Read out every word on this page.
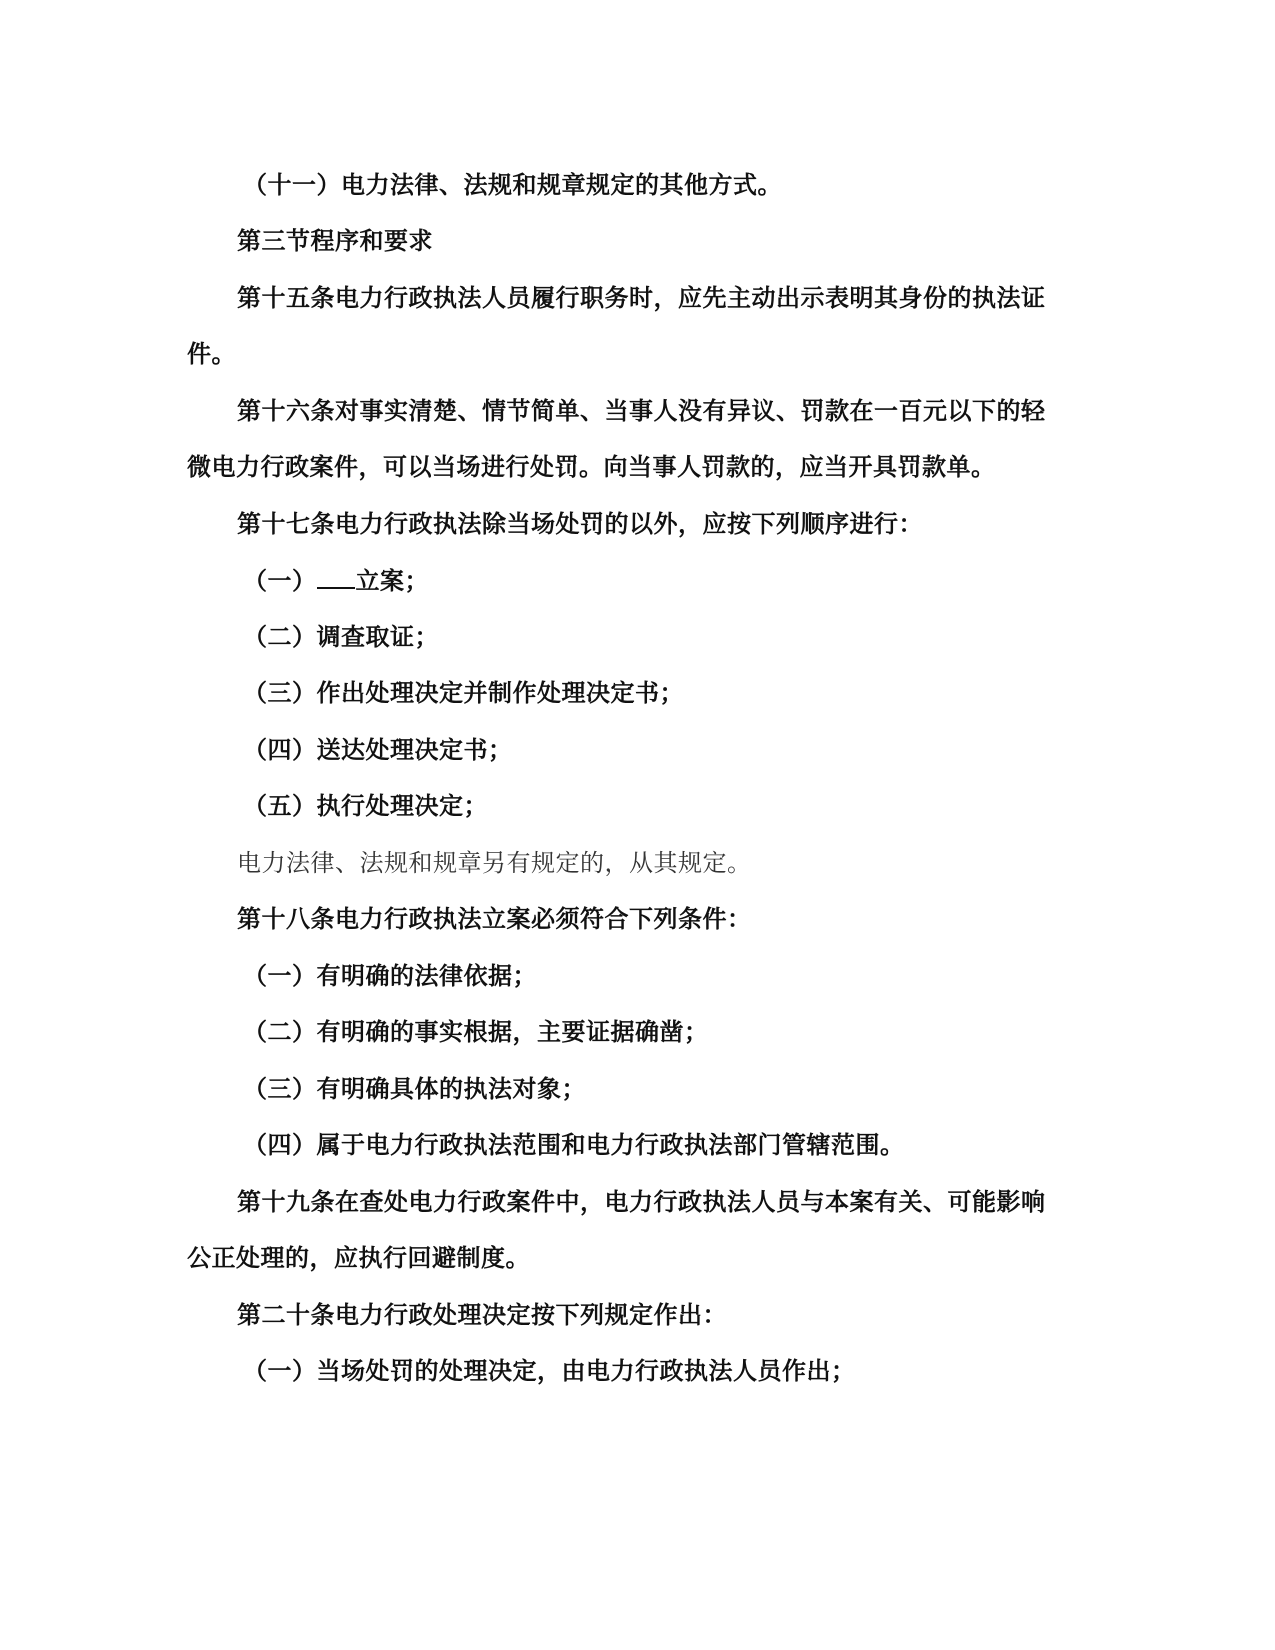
（十一）电力法律、法规和规章规定的其他方式。
第三节程序和要求
第十五条电力行政执法人员履行职务时，应先主动出示表明其身份的执法证
件。
第十六条对事实清楚、情节简单、当事人没有异议、罚款在一百元以下的轻
微电力行政案件，可以当场进行处罚。向当事人罚款的，应当开具罚款单。
第十七条电力行政执法除当场处罚的以外，应按下列顺序进行：
（一） 立案；
（二）调查取证；
（三）作出处理决定并制作处理决定书；
（四）送达处理决定书；
（五）执行处理决定；
电力法律、法规和规章另有规定的，从其规定。
第十八条电力行政执法立案必须符合下列条件：
（一）有明确的法律依据；
（二）有明确的事实根据，主要证据确凿；
（三）有明确具体的执法对象；
（四）属于电力行政执法范围和电力行政执法部门管辖范围。
第十九条在查处电力行政案件中，电力行政执法人员与本案有关、可能影响
公正处理的，应执行回避制度。
第二十条电力行政处理决定按下列规定作出：
（一）当场处罚的处理决定，由电力行政执法人员作出；
